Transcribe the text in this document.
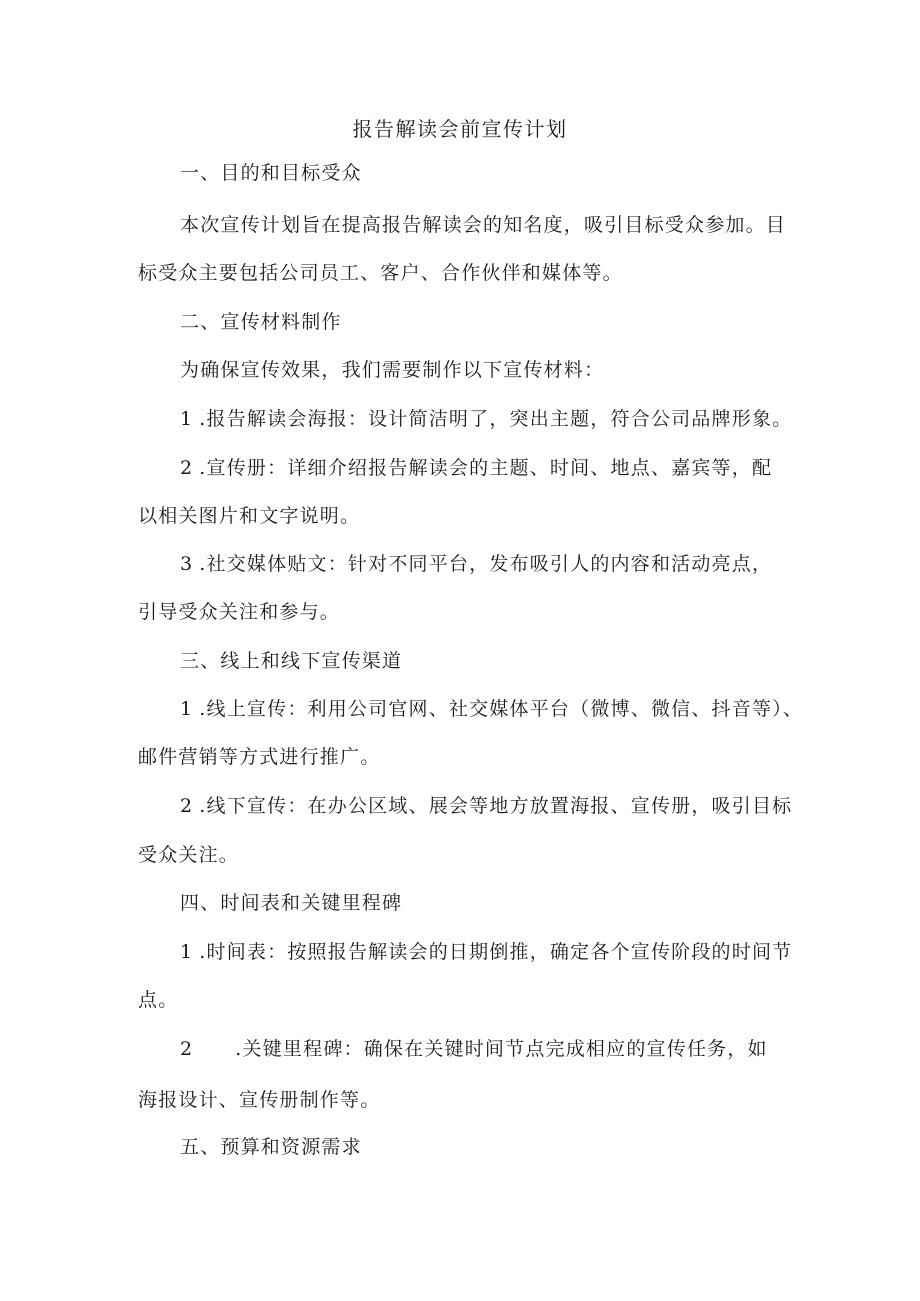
报告解读会前宣传计划
一、目的和目标受众
本次宣传计划旨在提高报告解读会的知名度，吸引目标受众参加。目
标受众主要包括公司员工、客户、合作伙伴和媒体等。
二、宣传材料制作
为确保宣传效果，我们需要制作以下宣传材料：
1 .报告解读会海报：设计简洁明了，突出主题，符合公司品牌形象。
2 .宣传册：详细介绍报告解读会的主题、时间、地点、嘉宾等，配
以相关图片和文字说明。
3 .社交媒体贴文：针对不同平台，发布吸引人的内容和活动亮点，
引导受众关注和参与。
三、线上和线下宣传渠道
1 .线上宣传：利用公司官网、社交媒体平台（微博、微信、抖音等）、
邮件营销等方式进行推广。
2 .线下宣传：在办公区域、展会等地方放置海报、宣传册，吸引目标
受众关注。
四、时间表和关键里程碑
1 .时间表：按照报告解读会的日期倒推，确定各个宣传阶段的时间节
点。
2 .关键里程碑：确保在关键时间节点完成相应的宣传任务，如
海报设计、宣传册制作等。
五、预算和资源需求
